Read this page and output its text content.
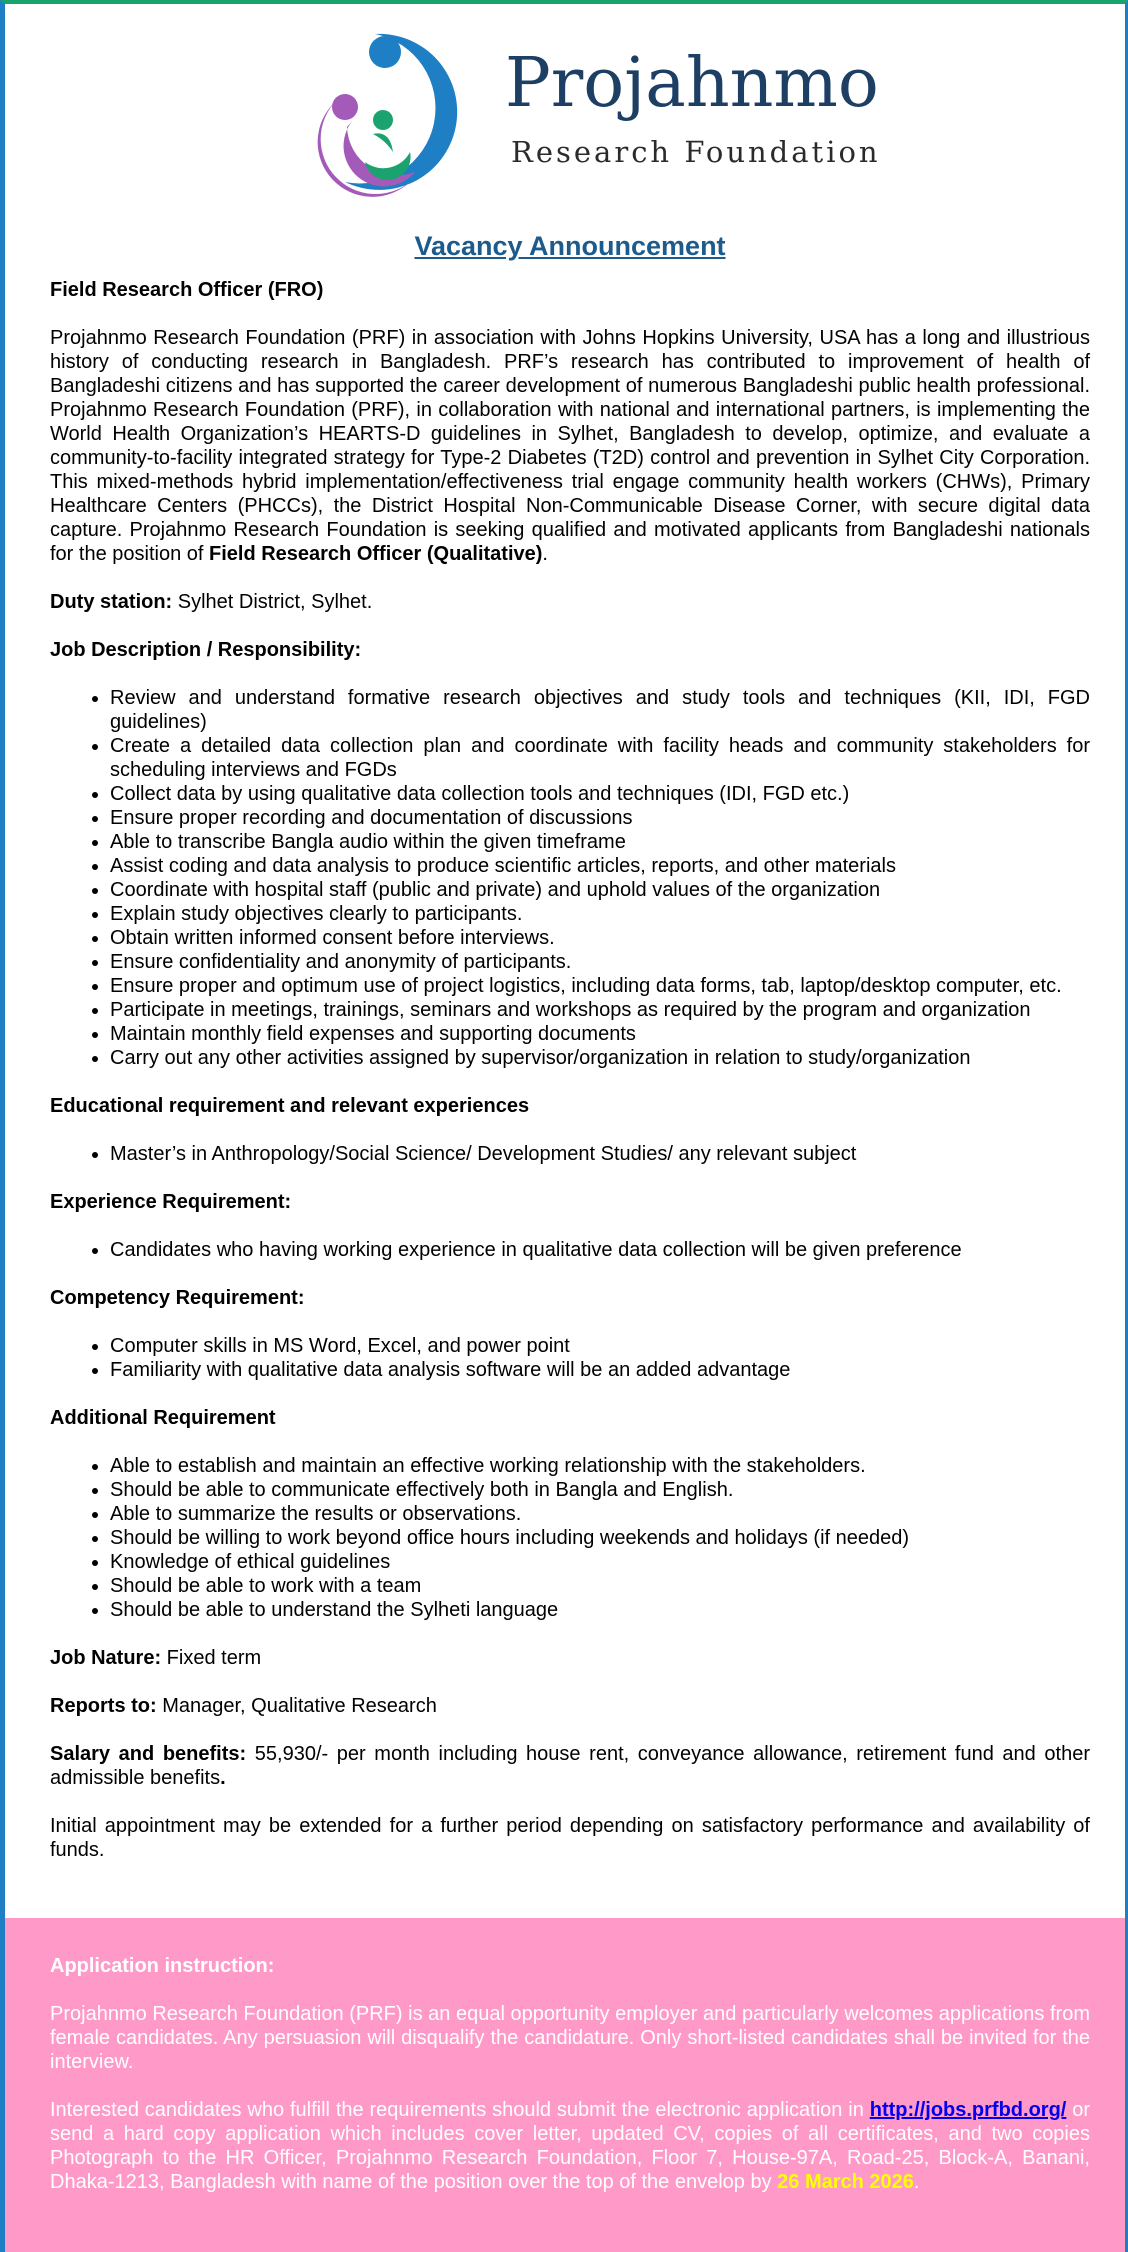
Projahnmo
Research Foundation
Vacancy Announcement
Field Research Officer (FRO)

Projahnmo Research Foundation (PRF) in association with Johns Hopkins University, USA has a long and illustrious history of conducting research in Bangladesh. PRF’s research has contributed to improvement of health of Bangladeshi citizens and has supported the career development of numerous Bangladeshi public health professional. Projahnmo Research Foundation (PRF), in collaboration with national and international partners, is implementing the World Health Organization’s HEARTS-D guidelines in Sylhet, Bangladesh to develop, optimize, and evaluate a community-to-facility integrated strategy for Type-2 Diabetes (T2D) control and prevention in Sylhet City Corporation. This mixed-methods hybrid implementation/effectiveness trial engage community health workers (CHWs), Primary Healthcare Centers (PHCCs), the District Hospital Non-Communicable Disease Corner, with secure digital data capture. Projahnmo Research Foundation is seeking qualified and motivated applicants from Bangladeshi nationals for the position of Field Research Officer (Qualitative).

Duty station: Sylhet District, Sylhet.

Job Description / Responsibility:
• Review and understand formative research objectives and study tools and techniques (KII, IDI, FGD guidelines)
• Create a detailed data collection plan and coordinate with facility heads and community stakeholders for scheduling interviews and FGDs
• Collect data by using qualitative data collection tools and techniques (IDI, FGD etc.)
• Ensure proper recording and documentation of discussions
• Able to transcribe Bangla audio within the given timeframe
• Assist coding and data analysis to produce scientific articles, reports, and other materials
• Coordinate with hospital staff (public and private) and uphold values of the organization
• Explain study objectives clearly to participants.
• Obtain written informed consent before interviews.
• Ensure confidentiality and anonymity of participants.
• Ensure proper and optimum use of project logistics, including data forms, tab, laptop/desktop computer, etc.
• Participate in meetings, trainings, seminars and workshops as required by the program and organization
• Maintain monthly field expenses and supporting documents
• Carry out any other activities assigned by supervisor/organization in relation to study/organization
Educational requirement and relevant experiences
• Master’s in Anthropology/Social Science/ Development Studies/ any relevant subject
Experience Requirement:
• Candidates who having working experience in qualitative data collection will be given preference
Competency Requirement:
• Computer skills in MS Word, Excel, and power point
• Familiarity with qualitative data analysis software will be an added advantage
Additional Requirement
• Able to establish and maintain an effective working relationship with the stakeholders.
• Should be able to communicate effectively both in Bangla and English.
• Able to summarize the results or observations.
• Should be willing to work beyond office hours including weekends and holidays (if needed)
• Knowledge of ethical guidelines
• Should be able to work with a team
• Should be able to understand the Sylheti language

Job Nature: Fixed term

Reports to: Manager, Qualitative Research

Salary and benefits: 55,930/- per month including house rent, conveyance allowance, retirement fund and other admissible benefits.

Initial appointment may be extended for a further period depending on satisfactory performance and availability of funds.

Application instruction:

Projahnmo Research Foundation (PRF) is an equal opportunity employer and particularly welcomes applications from female candidates. Any persuasion will disqualify the candidature. Only short-listed candidates shall be invited for the interview.

Interested candidates who fulfill the requirements should submit the electronic application in http://jobs.prfbd.org/ or send a hard copy application which includes cover letter, updated CV, copies of all certificates, and two copies Photograph to the HR Officer, Projahnmo Research Foundation, Floor 7, House-97A, Road-25, Block-A, Banani, Dhaka-1213, Bangladesh with name of the position over the top of the envelop by 26 March 2026.
